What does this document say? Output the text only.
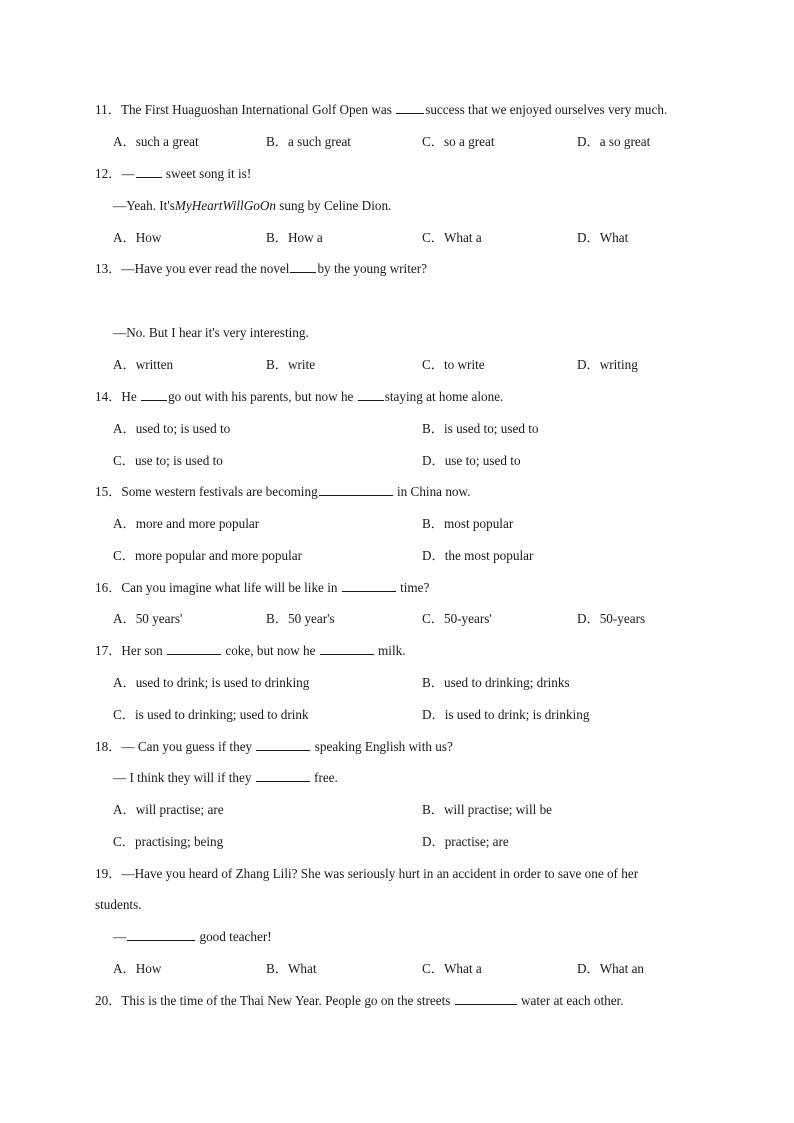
11．The First Huaguoshan International Golf Open was success that we enjoyed ourselves very much.
A．such a great	B．a such great	C．so a great	D．a so great
12．— sweet song it is!
—Yeah. It'sMyHeartWillGoOn sung by Celine Dion.
A．How	B．How a	C．What a	D．What
13．—Have you ever read the novel by the young writer?
—No. But I hear it's very interesting.
A．written	B．write	C．to write	D．writing
14．He go out with his parents, but now he staying at home alone.
A．used to; is used to	B．is used to; used to
C．use to; is used to	D．use to; used to
15．Some western festivals are becoming	in China now.
A．more and more popular	B．most popular
C．more popular and more popular	D．the most popular
16．Can you imagine what life will be like in	time?
A．50 years'	B．50 year's	C．50-years'	D．50-years
17．Her son	coke, but now he	milk.
A．used to drink; is used to drinking	B．used to drinking; drinks
C．is used to drinking; used to drink	D．is used to drink; is drinking
18．— Can you guess if they	speaking English with us?
— I think they will if they	free.
A．will practise; are	B．will practise; will be
C．practising; being	D．practise; are
19．—Have you heard of Zhang Lili? She was seriously hurt in an accident in order to save one of her
students.
—	good teacher!
A．How	B．What	C．What a	D．What an
20．This is the time of the Thai New Year. People go on the streets	water at each other.
